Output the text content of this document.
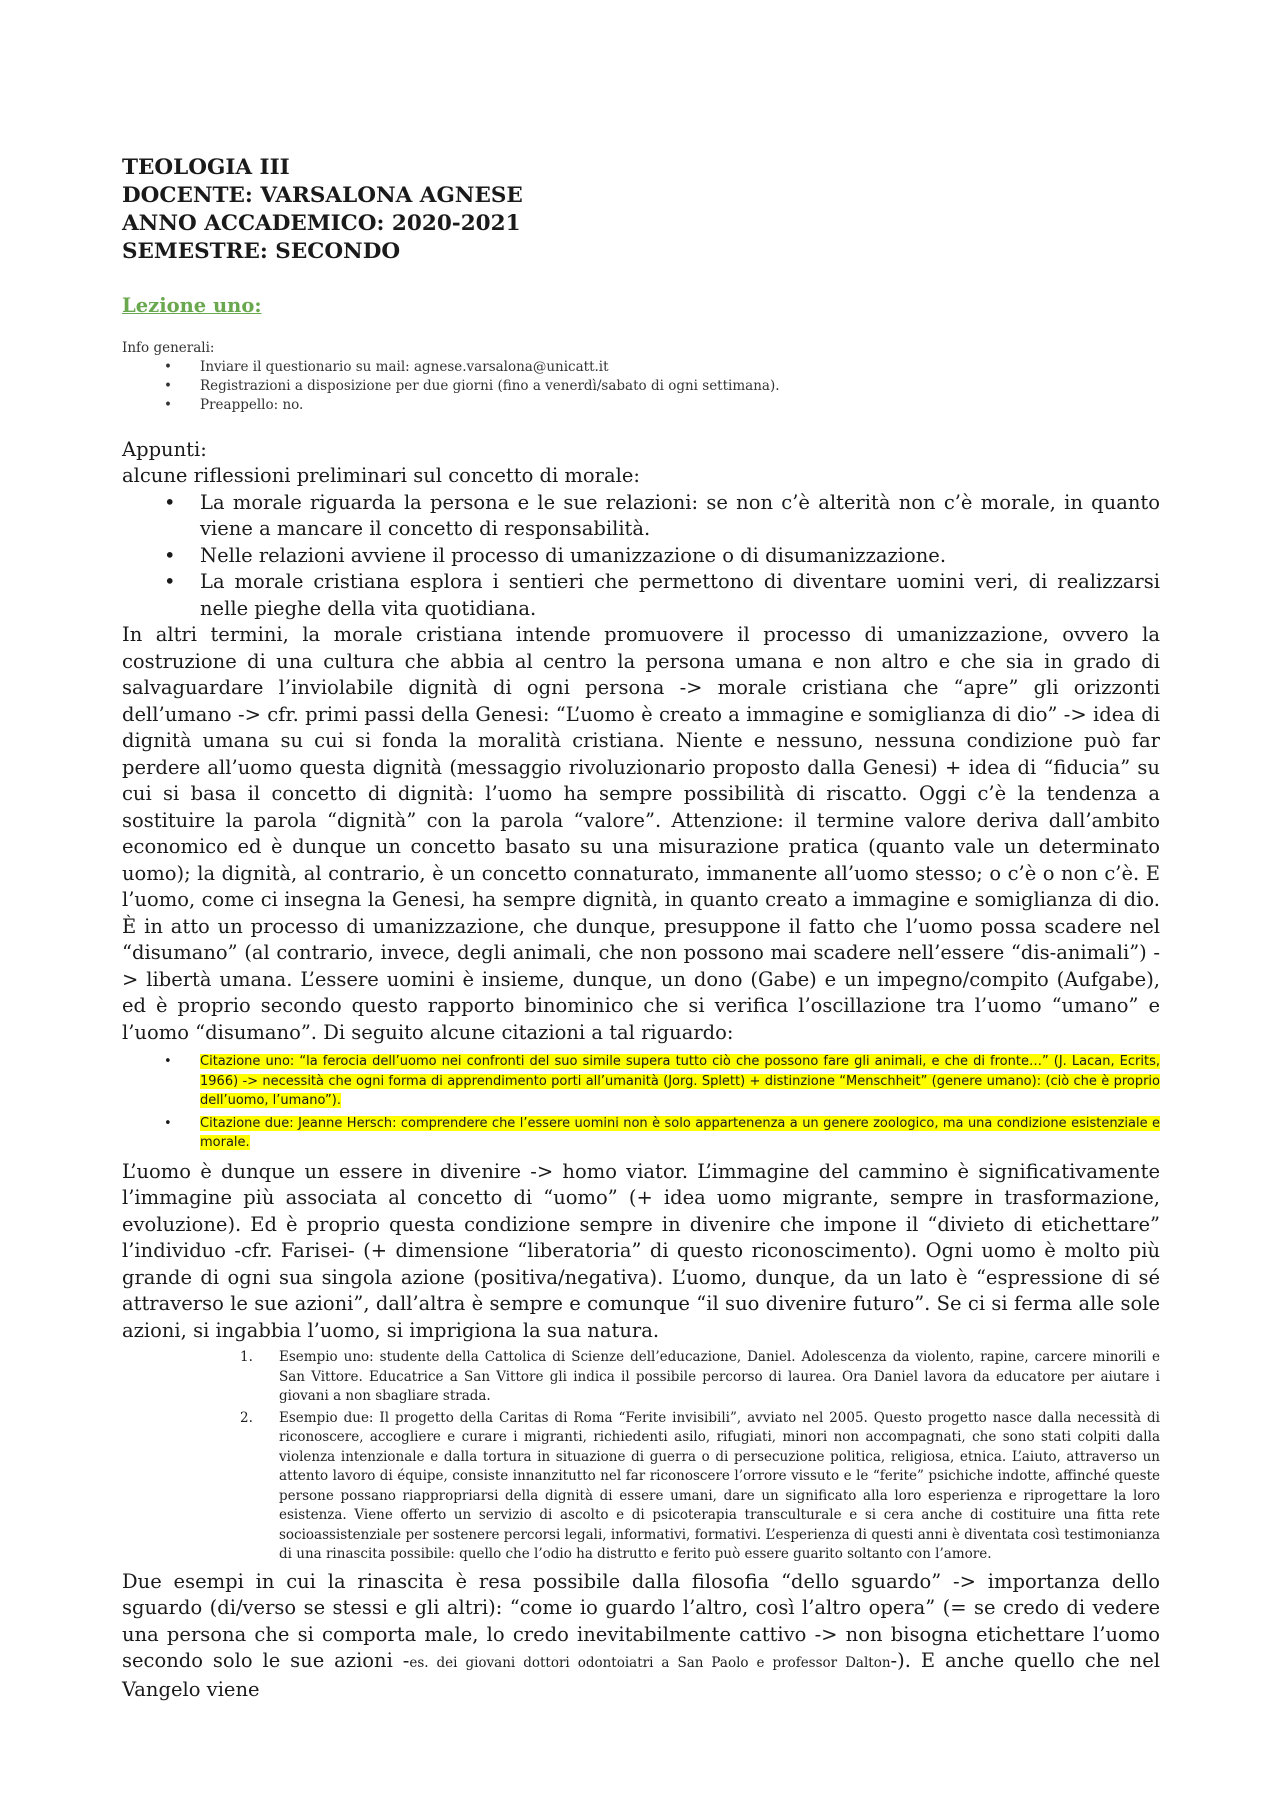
TEOLOGIA III

DOCENTE: VARSALONA AGNESE

ANNO ACCADEMICO: 2020-2021

SEMESTRE: SECONDO

Lezione uno:
Info generali:
• Inviare il questionario su mail: agnese.varsalona@unicatt.it
• Registrazioni a disposizione per due giorni (fino a venerdì/sabato di ogni settimana).
• Preappello: no.
Appunti:

alcune riflessioni preliminari sul concetto di morale:

• La morale riguarda la persona e le sue relazioni: se non c’è alterità non c’è morale, in quanto viene a mancare il concetto di responsabilità.
• Nelle relazioni avviene il processo di umanizzazione o di disumanizzazione.
• La morale cristiana esplora i sentieri che permettono di diventare uomini veri, di realizzarsi nelle pieghe della vita quotidiana.

In altri termini, la morale cristiana intende promuovere il processo di umanizzazione, ovvero la costruzione di una cultura che abbia al centro la persona umana e non altro e che sia in grado di salvaguardare l’inviolabile dignità di ogni persona -> morale cristiana che “apre” gli orizzonti dell’umano -> cfr. primi passi della Genesi: “L’uomo è creato a immagine e somiglianza di dio” -> idea di dignità umana su cui si fonda la moralità cristiana. Niente e nessuno, nessuna condizione può far perdere all’uomo questa dignità (messaggio rivoluzionario proposto dalla Genesi) + idea di “fiducia” su cui si basa il concetto di dignità: l’uomo ha sempre possibilità di riscatto. Oggi c’è la tendenza a sostituire la parola “dignità” con la parola “valore”. Attenzione: il termine valore deriva dall’ambito economico ed è dunque un concetto basato su una misurazione pratica (quanto vale un determinato uomo); la dignità, al contrario, è un concetto connaturato, immanente all’uomo stesso; o c’è o non c’è. E l’uomo, come ci insegna la Genesi, ha sempre dignità, in quanto creato a immagine e somiglianza di dio. È in atto un processo di umanizzazione, che dunque, presuppone il fatto che l’uomo possa scadere nel “disumano” (al contrario, invece, degli animali, che non possono mai scadere nell’essere “dis-animali”) -> libertà umana. L’essere uomini è insieme, dunque, un dono (Gabe) e un impegno/compito (Aufgabe), ed è proprio secondo questo rapporto binominico che si verifica l’oscillazione tra l’uomo “umano” e l’uomo “disumano”. Di seguito alcune citazioni a tal riguardo:

• Citazione uno: “la ferocia dell’uomo nei confronti del suo simile supera tutto ciò che possono fare gli animali, e che di fronte…” (J. Lacan, Ecrits, 1966) -> necessità che ogni forma di apprendimento porti all’umanità (Jorg. Splett) + distinzione “Menschheit” (genere umano): (ciò che è proprio dell’uomo, l’umano”).
• Citazione due: Jeanne Hersch: comprendere che l’essere uomini non è solo appartenenza a un genere zoologico, ma una condizione esistenziale e morale.

L’uomo è dunque un essere in divenire -> homo viator. L’immagine del cammino è significativamente l’immagine più associata al concetto di “uomo” (+ idea uomo migrante, sempre in trasformazione, evoluzione). Ed è proprio questa condizione sempre in divenire che impone il “divieto di etichettare” l’individuo -cfr. Farisei- (+ dimensione “liberatoria” di questo riconoscimento). Ogni uomo è molto più grande di ogni sua singola azione (positiva/negativa). L’uomo, dunque, da un lato è “espressione di sé attraverso le sue azioni”, dall’altra è sempre e comunque “il suo divenire futuro”. Se ci si ferma alle sole azioni, si ingabbia l’uomo, si imprigiona la sua natura.

1. Esempio uno: studente della Cattolica di Scienze dell’educazione, Daniel. Adolescenza da violento, rapine, carcere minorili e San Vittore. Educatrice a San Vittore gli indica il possibile percorso di laurea. Ora Daniel lavora da educatore per aiutare i giovani a non sbagliare strada.
2. Esempio due: Il progetto della Caritas di Roma “Ferite invisibili”, avviato nel 2005. Questo progetto nasce dalla necessità di riconoscere, accogliere e curare i migranti, richiedenti asilo, rifugiati, minori non accompagnati, che sono stati colpiti dalla violenza intenzionale e dalla tortura in situazione di guerra o di persecuzione politica, religiosa, etnica. L’aiuto, attraverso un attento lavoro di équipe, consiste innanzitutto nel far riconoscere l’orrore vissuto e le “ferite” psichiche indotte, affinché queste persone possano riappropriarsi della dignità di essere umani, dare un significato alla loro esperienza e riprogettare la loro esistenza. Viene offerto un servizio di ascolto e di psicoterapia transculturale e si cera anche di costituire una fitta rete socioassistenziale per sostenere percorsi legali, informativi, formativi. L’esperienza di questi anni è diventata così testimonianza di una rinascita possibile: quello che l’odio ha distrutto e ferito può essere guarito soltanto con l’amore.

Due esempi in cui la rinascita è resa possibile dalla filosofia “dello sguardo” -> importanza dello sguardo (di/verso se stessi e gli altri): “come io guardo l’altro, così l’altro opera” (= se credo di vedere una persona che si comporta male, lo credo inevitabilmente cattivo -> non bisogna etichettare l’uomo secondo solo le sue azioni -es. dei giovani dottori odontoiatri a San Paolo e professor Dalton-). E anche quello che nel Vangelo viene
